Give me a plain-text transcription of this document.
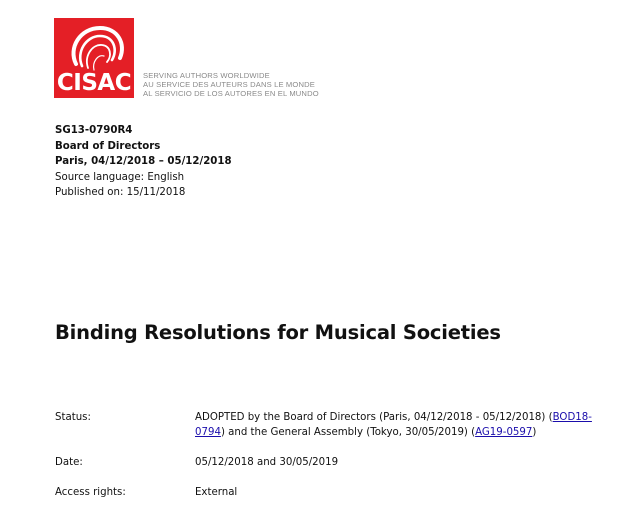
CISAC	SERVING AUTHORS WORLDWIDE
AU SERVICE DES AUTEURS DANS LE MONDE
AL SERVICIO DE LOS AUTORES EN EL MUNDO
SG13-0790R4
Board of Directors
Paris, 04/12/2018 – 05/12/2018
Source language: English
Published on: 15/11/2018
Binding Resolutions for Musical Societies
Status:	ADOPTED by the Board of Directors (Paris, 04/12/2018 - 05/12/2018) (BOD18-
0794) and the General Assembly (Tokyo, 30/05/2019) (AG19-0597)
Date:	05/12/2018 and 30/05/2019
Access rights:	External
